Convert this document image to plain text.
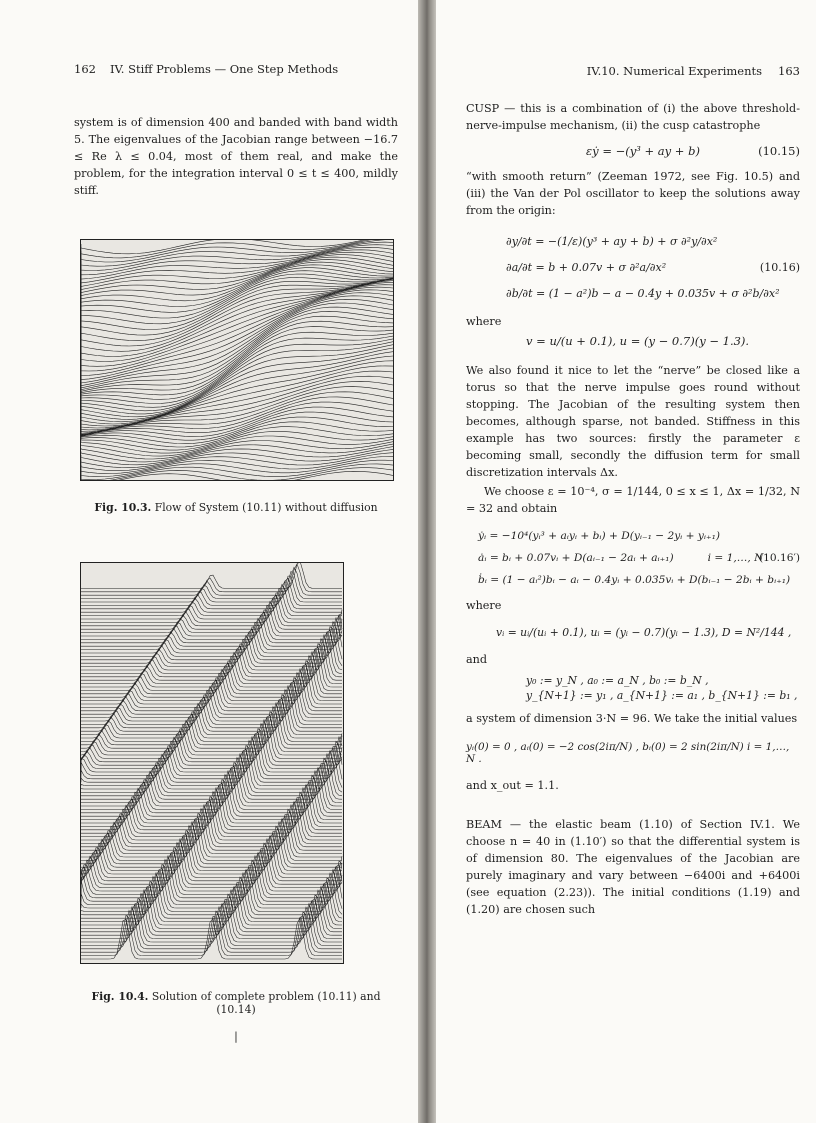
162 IV. Stiff Problems — One Step Methods

system is of dimension 400 and banded with band width 5. The eigenvalues of the Jacobian range between −16.7 ≤ Re λ ≤ 0.04, most of them real, and make the problem, for the integration interval 0 ≤ t ≤ 400, mildly stiff.

Fig. 10.3. Flow of System (10.11) without diffusion
Fig. 10.4. Solution of complete problem (10.11) and (10.14)
|
IV.10. Numerical Experiments 163

CUSP — this is a combination of (i) the above threshold-nerve-impulse mechanism, (ii) the cusp catastrophe

εẏ = −(y³ + ay + b)	(10.15)

“with smooth return” (Zeeman 1972, see Fig. 10.5) and (iii) the Van der Pol oscillator to keep the solutions away from the origin:

∂y/∂t = −(1/ε)(y³ + ay + b) + σ ∂²y/∂x²
∂a/∂t = b + 0.07v + σ ∂²a/∂x²
∂b/∂t = (1 − a²)b − a − 0.4y + 0.035v + σ ∂²b/∂x²
(10.16)

where

v = u/(u + 0.1), u = (y − 0.7)(y − 1.3).

We also found it nice to let the “nerve” be closed like a torus so that the nerve impulse goes round without stopping. The Jacobian of the resulting system then becomes, although sparse, not banded. Stiffness in this example has two sources: firstly the parameter ε becoming small, secondly the diffusion term for small discretization intervals Δx.

We choose ε = 10⁻⁴, σ = 1/144, 0 ≤ x ≤ 1, Δx = 1/32, N = 32 and obtain

ẏᵢ = −10⁴(yᵢ³ + aᵢyᵢ + bᵢ) + D(yᵢ₋₁ − 2yᵢ + yᵢ₊₁)
ȧᵢ = bᵢ + 0.07vᵢ + D(aᵢ₋₁ − 2aᵢ + aᵢ₊₁)	i = 1,…, N
ḃᵢ = (1 − aᵢ²)bᵢ − aᵢ − 0.4yᵢ + 0.035vᵢ + D(bᵢ₋₁ − 2bᵢ + bᵢ₊₁)
(10.16′)

where

vᵢ = uᵢ/(uᵢ + 0.1), uᵢ = (yᵢ − 0.7)(yᵢ − 1.3), D = N²/144 ,

and

y₀ := y_N , a₀ := a_N , b₀ := b_N ,
y_{N+1} := y₁ , a_{N+1} := a₁ , b_{N+1} := b₁ ,

a system of dimension 3·N = 96. We take the initial values

yᵢ(0) = 0 , aᵢ(0) = −2 cos(2iπ/N) , bᵢ(0) = 2 sin(2iπ/N) i = 1,…, N .

and x_out = 1.1.

BEAM — the elastic beam (1.10) of Section IV.1. We choose n = 40 in (1.10′) so that the differential system is of dimension 80. The eigenvalues of the Jacobian are purely imaginary and vary between −6400i and +6400i (see equation (2.23)). The initial conditions (1.19) and (1.20) are chosen such
